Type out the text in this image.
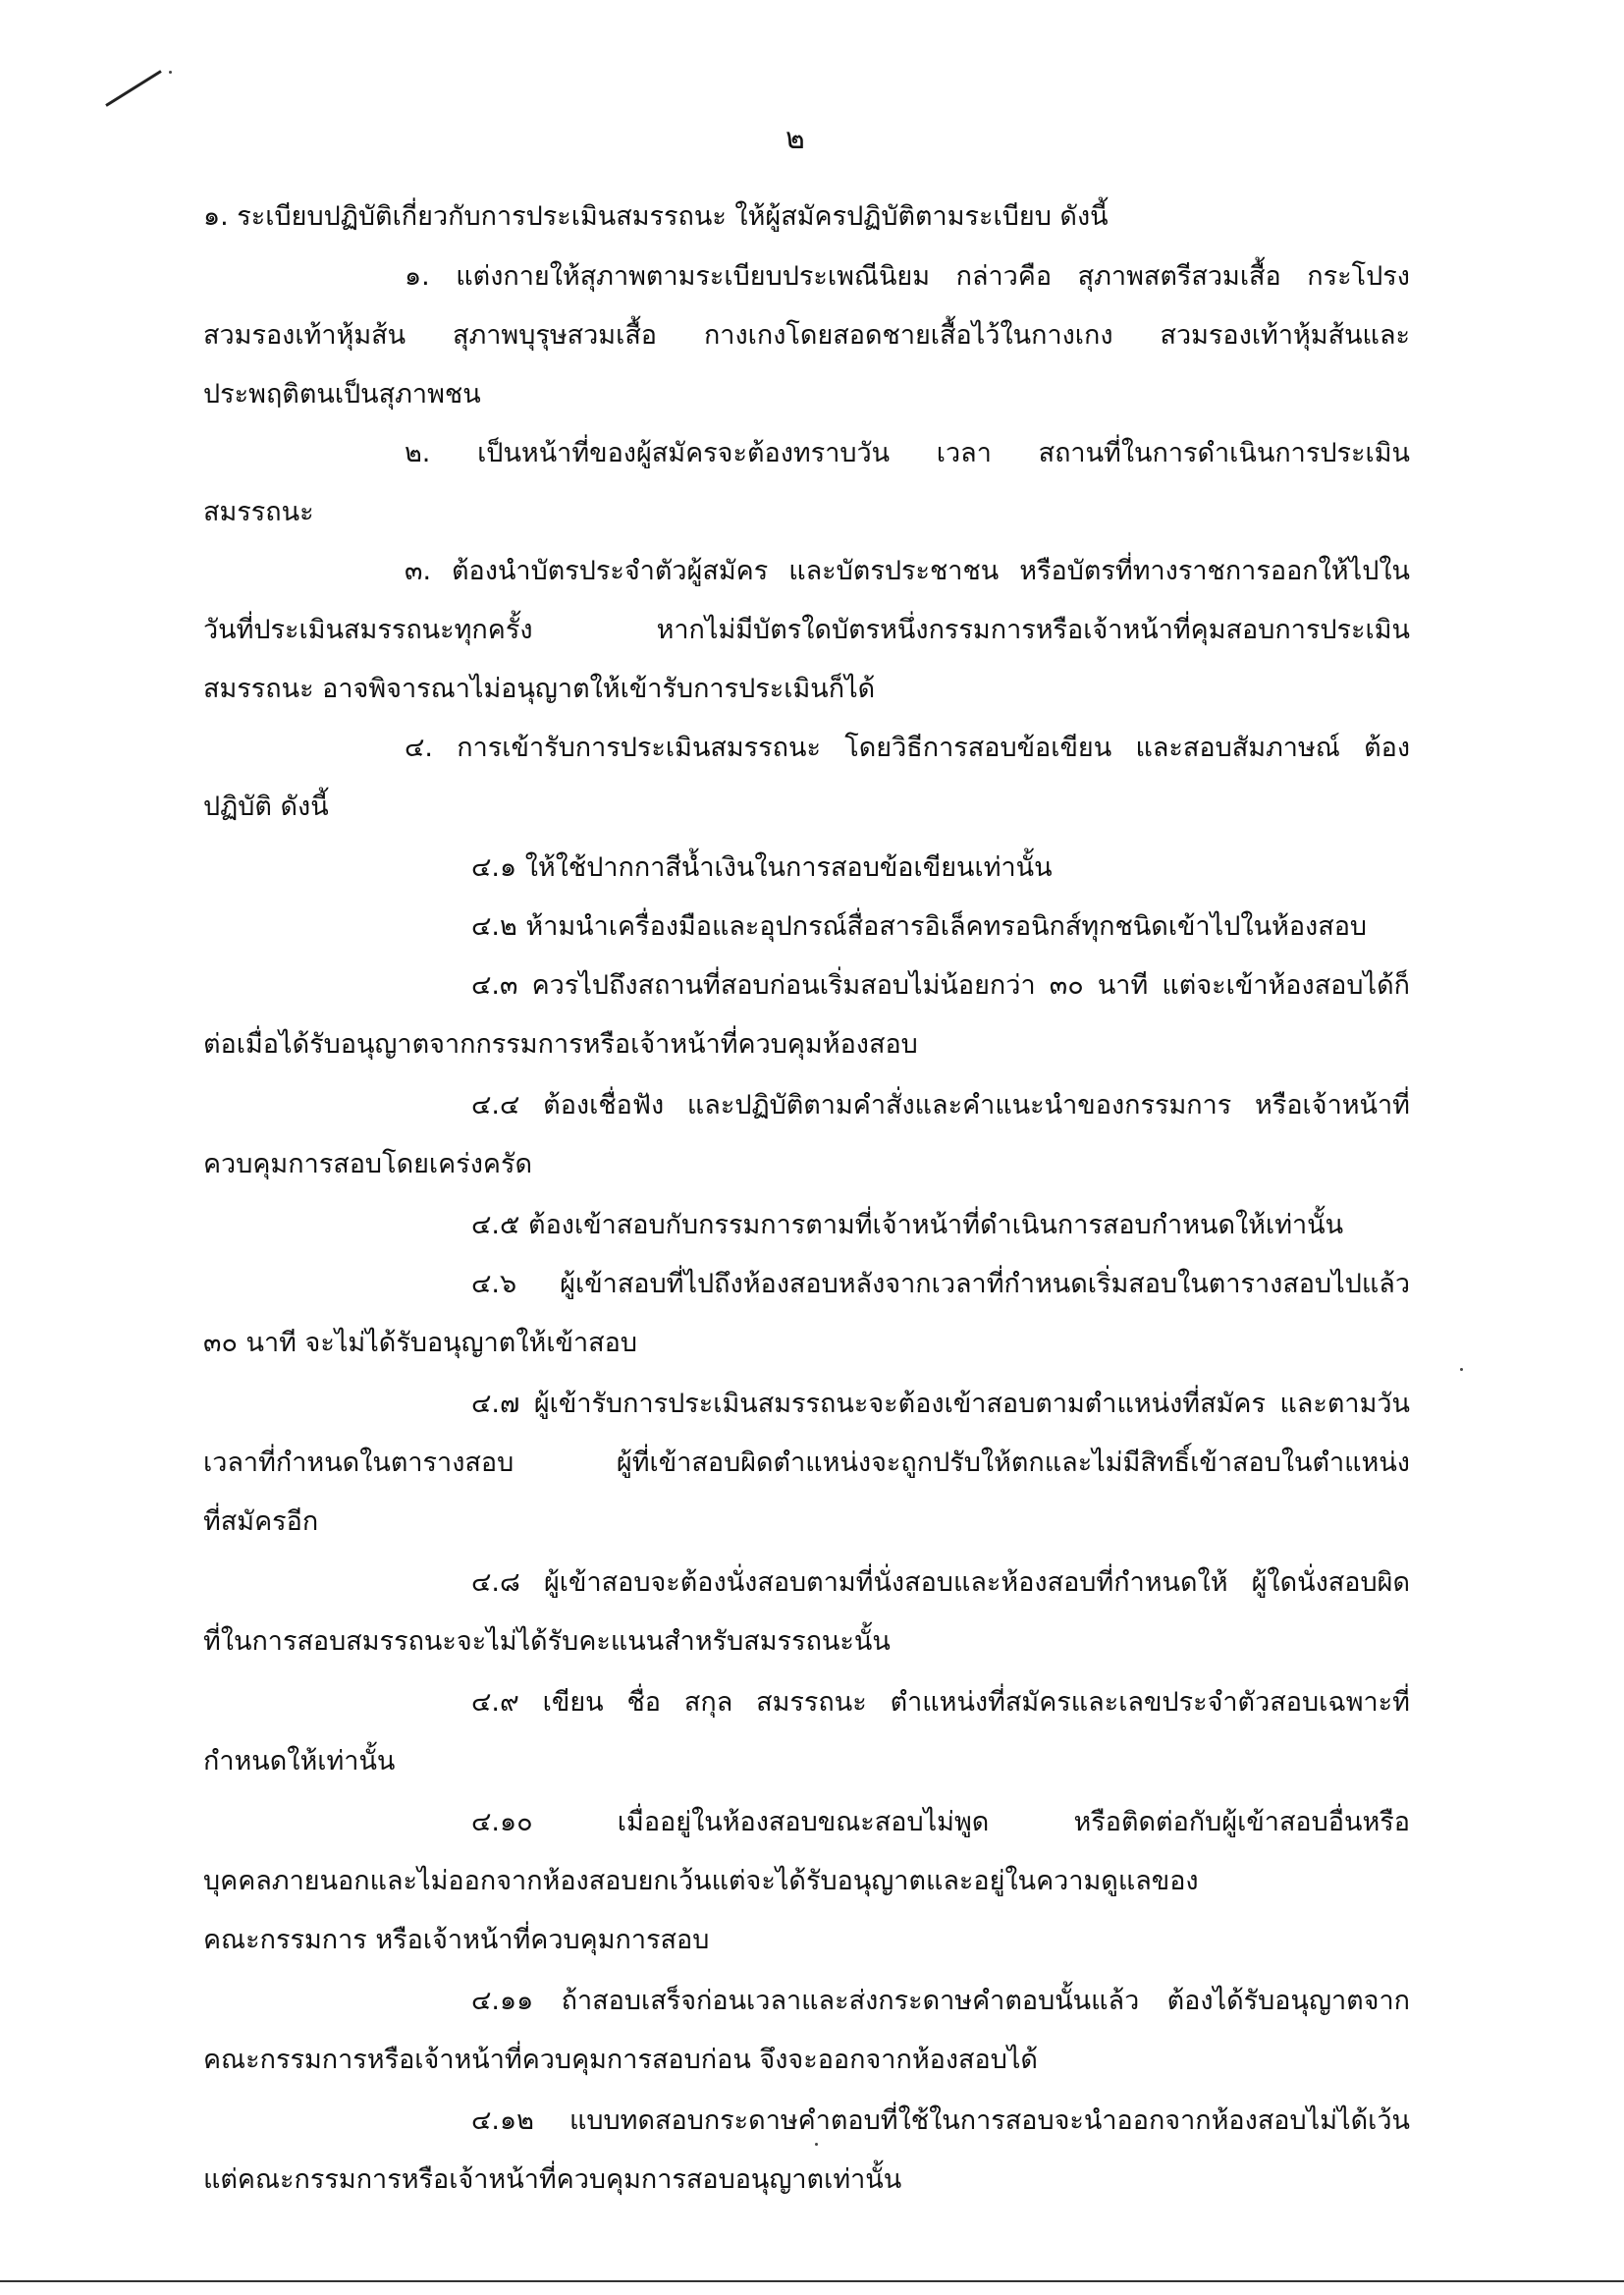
๒
๑. ระเบียบปฏิบัติเกี่ยวกับการประเมินสมรรถนะ ให้ผู้สมัครปฏิบัติตามระเบียบ ดังนี้
๑. แต่งกายให้สุภาพตามระเบียบประเพณีนิยม กล่าวคือ สุภาพสตรีสวมเสื้อ กระโปรง
สวมรองเท้าหุ้มส้น สุภาพบุรุษสวมเสื้อ กางเกงโดยสอดชายเสื้อไว้ในกางเกง สวมรองเท้าหุ้มส้นและ
ประพฤติตนเป็นสุภาพชน
๒. เป็นหน้าที่ของผู้สมัครจะต้องทราบวัน เวลา สถานที่ในการดำเนินการประเมิน
สมรรถนะ
๓. ต้องนำบัตรประจำตัวผู้สมัคร และบัตรประชาชน หรือบัตรที่ทางราชการออกให้ไปใน
วันที่ประเมินสมรรถนะทุกครั้ง	หากไม่มีบัตรใดบัตรหนึ่งกรรมการหรือเจ้าหน้าที่คุมสอบการประเมิน
สมรรถนะ อาจพิจารณาไม่อนุญาตให้เข้ารับการประเมินก็ได้
๔. การเข้ารับการประเมินสมรรถนะ โดยวิธีการสอบข้อเขียน และสอบสัมภาษณ์ ต้อง
ปฏิบัติ ดังนี้
๔.๑ ให้ใช้ปากกาสีน้ำเงินในการสอบข้อเขียนเท่านั้น
๔.๒ ห้ามนำเครื่องมือและอุปกรณ์สื่อสารอิเล็คทรอนิกส์ทุกชนิดเข้าไปในห้องสอบ
๔.๓ ควรไปถึงสถานที่สอบก่อนเริ่มสอบไม่น้อยกว่า ๓๐ นาที แต่จะเข้าห้องสอบได้ก็
ต่อเมื่อได้รับอนุญาตจากกรรมการหรือเจ้าหน้าที่ควบคุมห้องสอบ
๔.๔ ต้องเชื่อฟัง และปฏิบัติตามคำสั่งและคำแนะนำของกรรมการ หรือเจ้าหน้าที่
ควบคุมการสอบโดยเคร่งครัด
๔.๕ ต้องเข้าสอบกับกรรมการตามที่เจ้าหน้าที่ดำเนินการสอบกำหนดให้เท่านั้น
๔.๖ ผู้เข้าสอบที่ไปถึงห้องสอบหลังจากเวลาที่กำหนดเริ่มสอบในตารางสอบไปแล้ว
๓๐ นาที จะไม่ได้รับอนุญาตให้เข้าสอบ
๔.๗ ผู้เข้ารับการประเมินสมรรถนะจะต้องเข้าสอบตามตำแหน่งที่สมัคร และตามวัน
เวลาที่กำหนดในตารางสอบ	ผู้ที่เข้าสอบผิดตำแหน่งจะถูกปรับให้ตกและไม่มีสิทธิ์เข้าสอบในตำแหน่ง
ที่สมัครอีก
๔.๘ ผู้เข้าสอบจะต้องนั่งสอบตามที่นั่งสอบและห้องสอบที่กำหนดให้ ผู้ใดนั่งสอบผิด
ที่ในการสอบสมรรถนะจะไม่ได้รับคะแนนสำหรับสมรรถนะนั้น
๔.๙ เขียน ชื่อ สกุล สมรรถนะ ตำแหน่งที่สมัครและเลขประจำตัวสอบเฉพาะที่
กำหนดให้เท่านั้น
๔.๑๐	เมื่ออยู่ในห้องสอบขณะสอบไม่พูด	หรือติดต่อกับผู้เข้าสอบอื่นหรือ
บุคคลภายนอกและไม่ออกจากห้องสอบยกเว้นแต่จะได้รับอนุญาตและอยู่ในความดูแลของ
คณะกรรมการ หรือเจ้าหน้าที่ควบคุมการสอบ
๔.๑๑ ถ้าสอบเสร็จก่อนเวลาและส่งกระดาษคำตอบนั้นแล้ว ต้องได้รับอนุญาตจาก
คณะกรรมการหรือเจ้าหน้าที่ควบคุมการสอบก่อน จึงจะออกจากห้องสอบได้
๔.๑๒ แบบทดสอบกระดาษคำตอบที่ใช้ในการสอบจะนำออกจากห้องสอบไม่ได้เว้น
แต่คณะกรรมการหรือเจ้าหน้าที่ควบคุมการสอบอนุญาตเท่านั้น
